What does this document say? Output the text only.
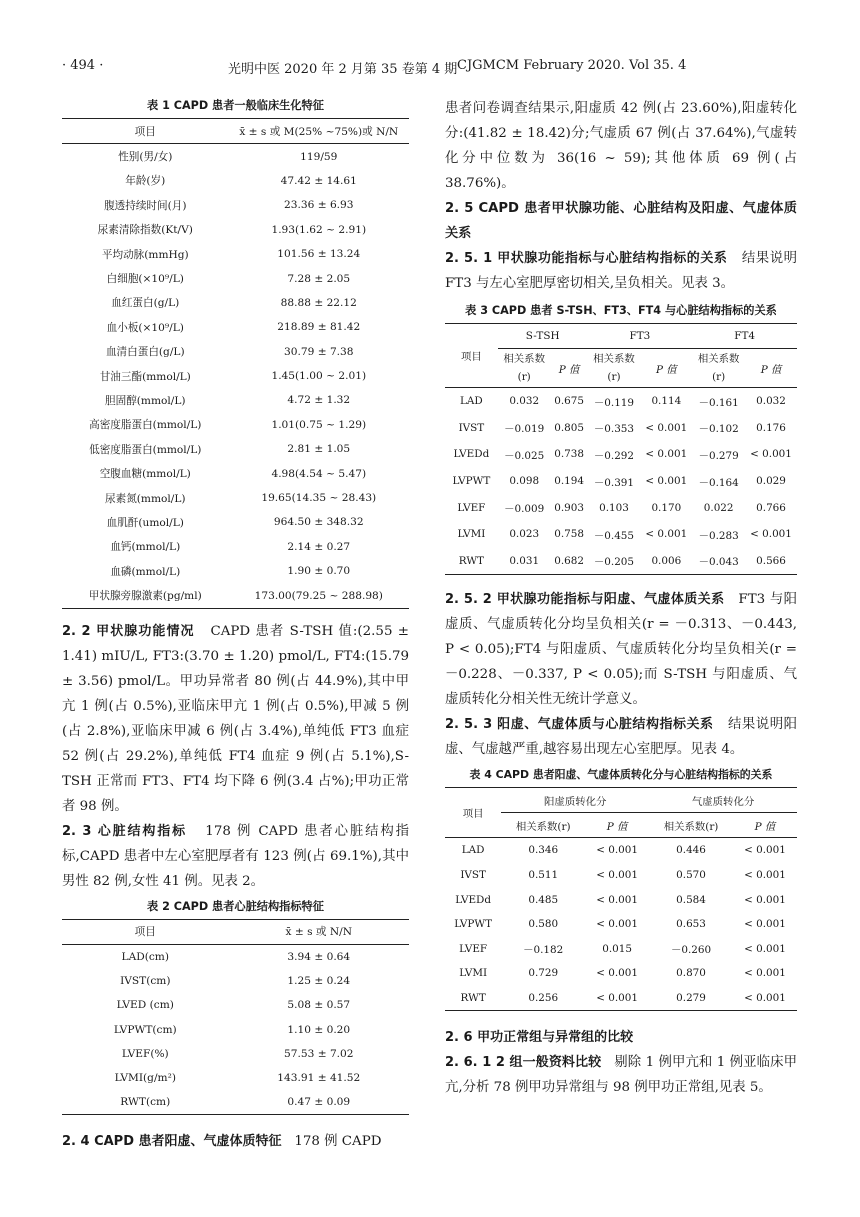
· 494 ·	光明中医 2020 年 2 月第 35 卷第 4 期 CJGMCM February 2020. Vol 35. 4
表 1 CAPD 患者一般临床生化特征
项目	x̄ ± s 或 M(25% ~75%)或 N/N
性别(男/女)	119/59
年龄(岁)	47.42 ± 14.61
腹透持续时间(月)	23.36 ± 6.93
尿素清除指数(Kt/V)	1.93(1.62 ~ 2.91)
平均动脉(mmHg)	101.56 ± 13.24
白细胞(×10⁹/L)	7.28 ± 2.05
血红蛋白(g/L)	88.88 ± 22.12
血小板(×10⁹/L)	218.89 ± 81.42
血清白蛋白(g/L)	30.79 ± 7.38
甘油三酯(mmol/L)	1.45(1.00 ~ 2.01)
胆固醇(mmol/L)	4.72 ± 1.32
高密度脂蛋白(mmol/L)	1.01(0.75 ~ 1.29)
低密度脂蛋白(mmol/L)	2.81 ± 1.05
空腹血糖(mmol/L)	4.98(4.54 ~ 5.47)
尿素氮(mmol/L)	19.65(14.35 ~ 28.43)
血肌酐(umol/L)	964.50 ± 348.32
血钙(mmol/L)	2.14 ± 0.27
血磷(mmol/L)	1.90 ± 0.70
甲状腺旁腺激素(pg/ml)	173.00(79.25 ~ 288.98)

2. 2 甲状腺功能情况 CAPD 患者 S-TSH 值:(2.55 ± 1.41) mIU/L, FT3:(3.70 ± 1.20) pmol/L, FT4:(15.79 ± 3.56) pmol/L。甲功异常者 80 例(占 44.9%),其中甲亢 1 例(占 0.5%),亚临床甲亢 1 例(占 0.5%),甲减 5 例(占 2.8%),亚临床甲减 6 例(占 3.4%),单纯低 FT3 血症 52 例(占 29.2%),单纯低 FT4 血症 9 例(占 5.1%),S-TSH 正常而 FT3、FT4 均下降 6 例(3.4 占%);甲功正常者 98 例。

2. 3 心脏结构指标 178 例 CAPD 患者心脏结构指标,CAPD 患者中左心室肥厚者有 123 例(占 69.1%),其中男性 82 例,女性 41 例。见表 2。

表 2 CAPD 患者心脏结构指标特征
项目	x̄ ± s 或 N/N
LAD(cm)	3.94 ± 0.64
IVST(cm)	1.25 ± 0.24
LVED (cm)	5.08 ± 0.57
LVPWT(cm)	1.10 ± 0.20
LVEF(%)	57.53 ± 7.02
LVMI(g/m²)	143.91 ± 41.52
RWT(cm)	0.47 ± 0.09

2. 4 CAPD 患者阳虚、气虚体质特征 178 例 CAPD

患者问卷调查结果示,阳虚质 42 例(占 23.60%),阳虚转化分:(41.82 ± 18.42)分;气虚质 67 例(占 37.64%),气虚转化分中位数为 36(16 ~ 59);其他体质 69 例(占 38.76%)。

2. 5 CAPD 患者甲状腺功能、心脏结构及阳虚、气虚体质关系

2. 5. 1 甲状腺功能指标与心脏结构指标的关系 结果说明 FT3 与左心室肥厚密切相关,呈负相关。见表 3。

表 3 CAPD 患者 S-TSH、FT3、FT4 与心脏结构指标的关系
项目	S-TSH		FT3		FT4	
	相关系数(r)	P 值	相关系数(r)	P 值	相关系数(r)	P 值
LAD	0.032	0.675	－0.119	0.114	－0.161	0.032
IVST	－0.019	0.805	－0.353	< 0.001	－0.102	0.176
LVEDd	－0.025	0.738	－0.292	< 0.001	－0.279	< 0.001
LVPWT	0.098	0.194	－0.391	< 0.001	－0.164	0.029
LVEF	－0.009	0.903	0.103	0.170	0.022	0.766
LVMI	0.023	0.758	－0.455	< 0.001	－0.283	< 0.001
RWT	0.031	0.682	－0.205	0.006	－0.043	0.566

2. 5. 2 甲状腺功能指标与阳虚、气虚体质关系 FT3 与阳虚质、气虚质转化分均呈负相关(r = －0.313、－0.443, P < 0.05);FT4 与阳虚质、气虚质转化分均呈负相关(r = －0.228、－0.337, P < 0.05);而 S-TSH 与阳虚质、气虚质转化分相关性无统计学意义。

2. 5. 3 阳虚、气虚体质与心脏结构指标关系 结果说明阳虚、气虚越严重,越容易出现左心室肥厚。见表 4。

表 4 CAPD 患者阳虚、气虚体质转化分与心脏结构指标的关系
项目	阳虚质转化分		气虚质转化分	
	相关系数(r)	P 值	相关系数(r)	P 值
LAD	0.346	< 0.001	0.446	< 0.001
IVST	0.511	< 0.001	0.570	< 0.001
LVEDd	0.485	< 0.001	0.584	< 0.001
LVPWT	0.580	< 0.001	0.653	< 0.001
LVEF	－0.182	0.015	－0.260	< 0.001
LVMI	0.729	< 0.001	0.870	< 0.001
RWT	0.256	< 0.001	0.279	< 0.001

2. 6 甲功正常组与异常组的比较

2. 6. 1 2 组一般资料比较 剔除 1 例甲亢和 1 例亚临床甲亢,分析 78 例甲功异常组与 98 例甲功正常组,见表 5。
